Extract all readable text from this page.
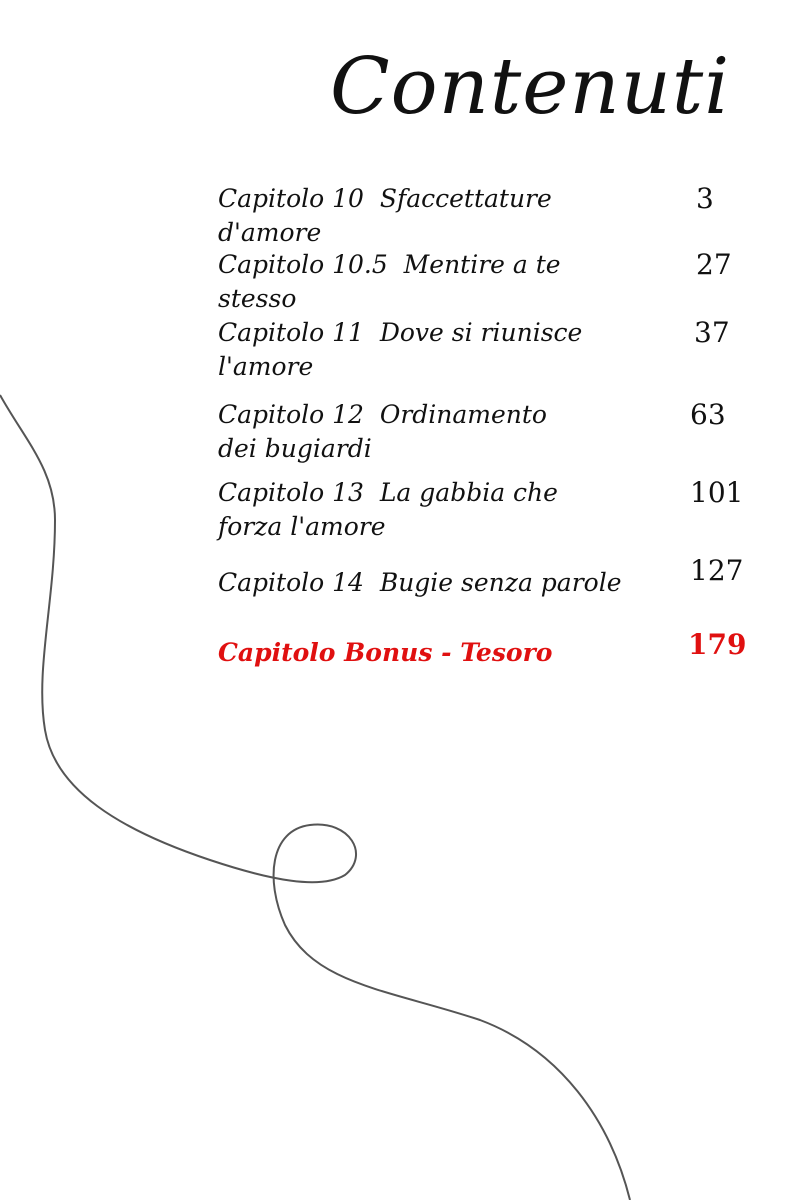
Contenuti
Capitolo 10  Sfaccettature d'amore
3
Capitolo 10.5  Mentire a te stesso
27
Capitolo 11  Dove si riunisce l'amore
37
Capitolo 12  Ordinamento dei bugiardi
63
Capitolo 13  La gabbia che forza l'amore
101
Capitolo 14  Bugie senza parole	127
Capitolo Bonus - Tesoro	179
